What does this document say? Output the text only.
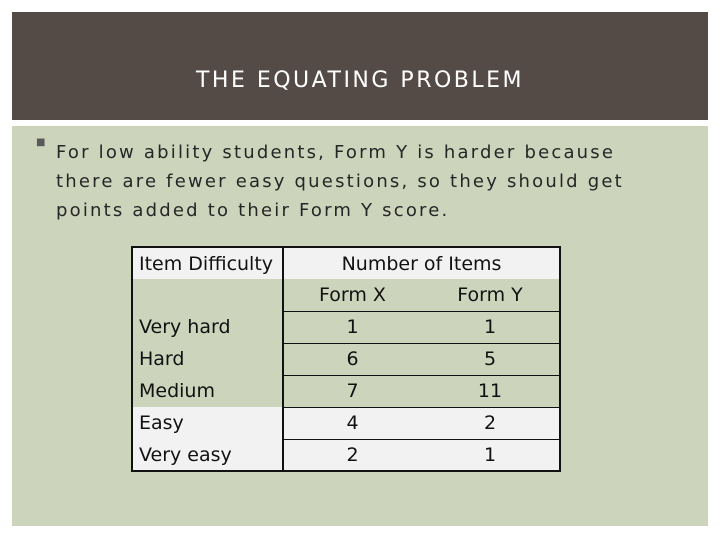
THE EQUATING PROBLEM
■ For low ability students, Form Y is harder because there are fewer easy questions, so they should get points added to their Form Y score.
Item Difficulty	Number of Items	
	Form X	Form Y
Very hard	1	1
Hard	6	5
Medium	7	11
Easy	4	2
Very easy	2	1
